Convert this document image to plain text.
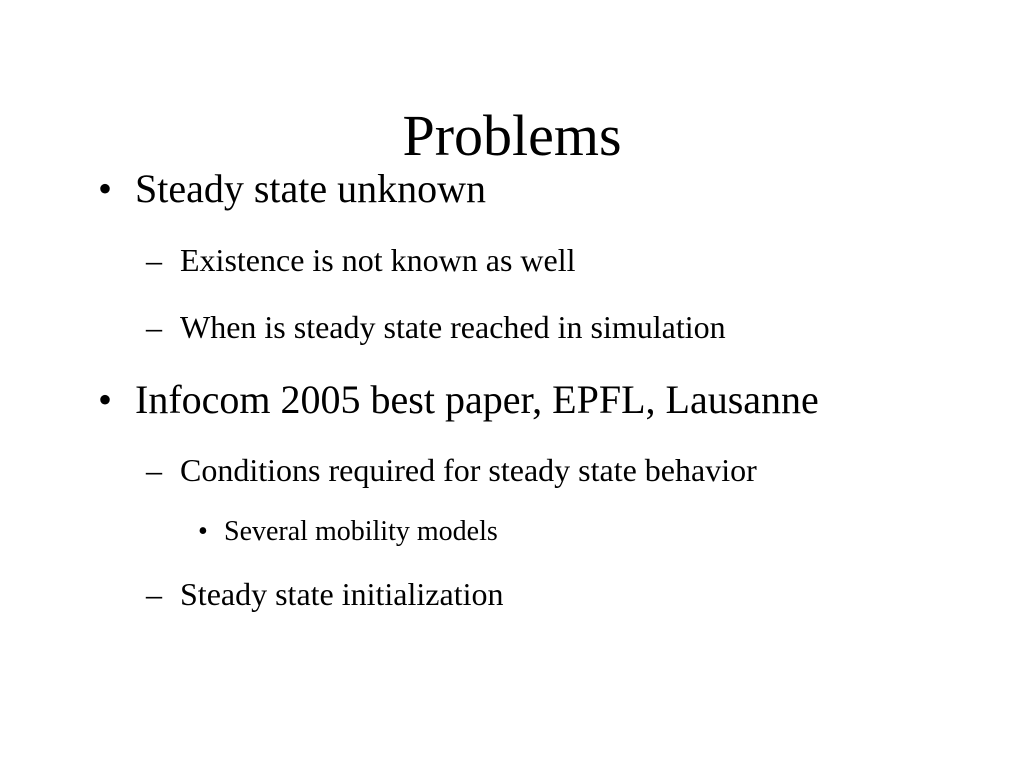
Problems
• Steady state unknown
– Existence is not known as well
– When is steady state reached in simulation
• Infocom 2005 best paper, EPFL, Lausanne
– Conditions required for steady state behavior
• Several mobility models
– Steady state initialization
